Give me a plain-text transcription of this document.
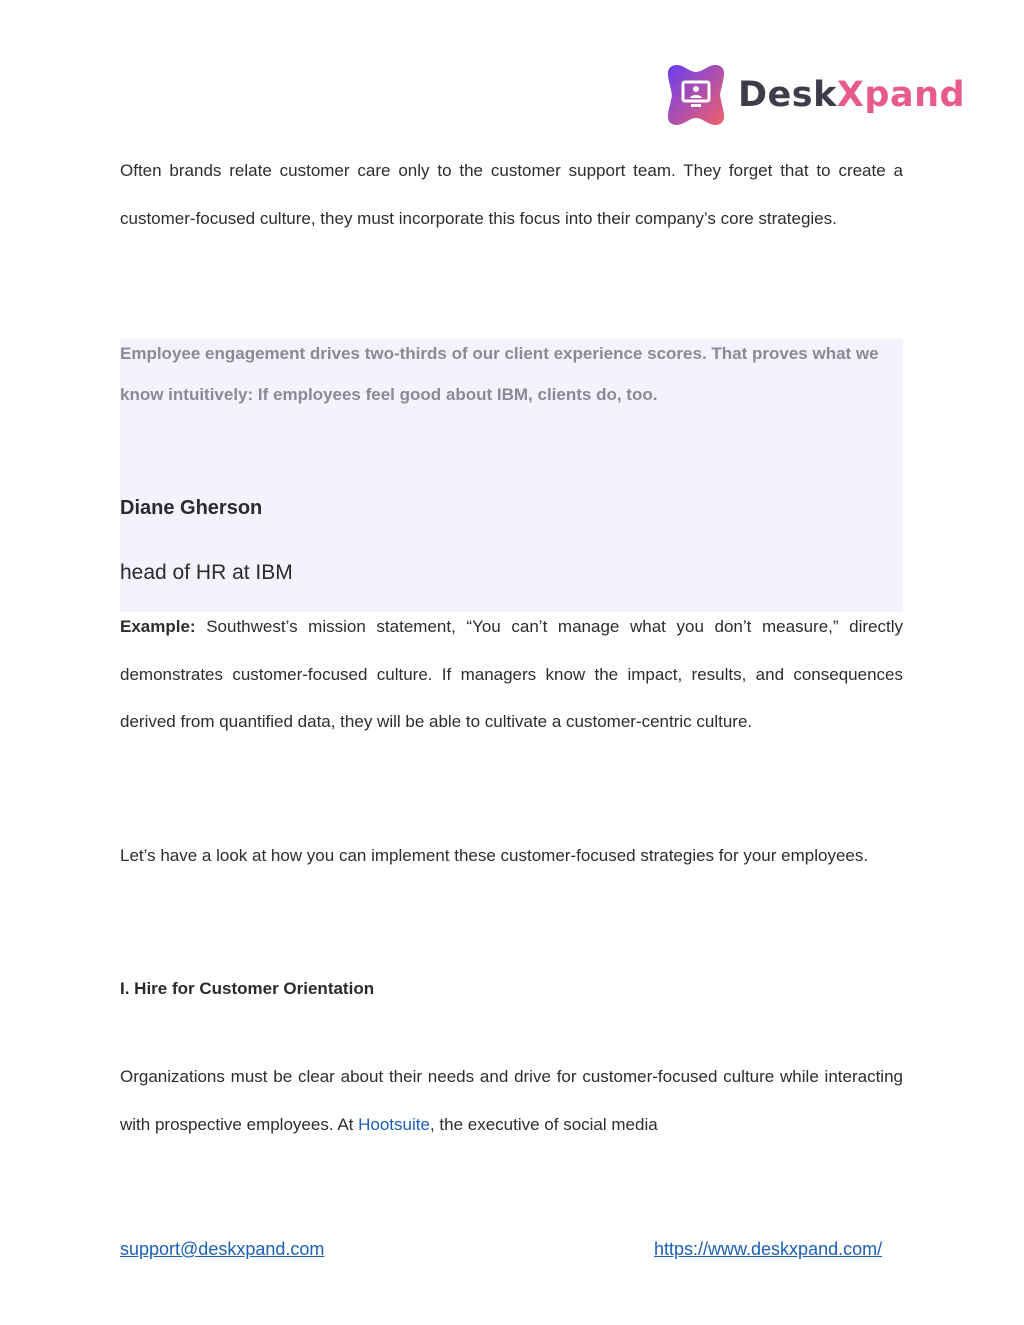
DeskXpand
Employee engagement drives two-thirds of our client experience scores. That proves what we know intuitively: If employees feel good about IBM, clients do, too.
Diane Gherson
head of HR at IBM
Often brands relate customer care only to the customer support team. They forget that to create a customer-focused culture, they must incorporate this focus into their company’s core strategies.
Example: Southwest’s mission statement, “You can’t manage what you don’t measure,” directly demonstrates customer-focused culture. If managers know the impact, results, and consequences derived from quantified data, they will be able to cultivate a customer-centric culture.
Let’s have a look at how you can implement these customer-focused strategies for your employees.
I. Hire for Customer Orientation
Organizations must be clear about their needs and drive for customer-focused culture while interacting with prospective employees. At Hootsuite, the executive of social media
support@deskxpand.com	https://www.deskxpand.com/
